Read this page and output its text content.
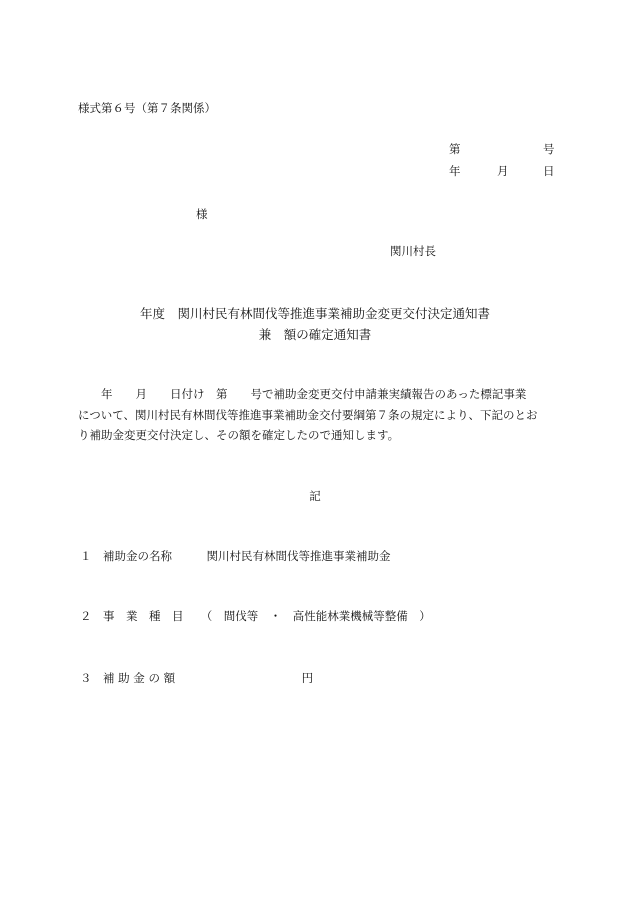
様式第６号（第７条関係）
第	号
年	月	日
様
関川村長
年度　関川村民有林間伐等推進事業補助金変更交付決定通知書
兼　額の確定通知書
　　年　　月　　日付け　第　　号で補助金変更交付申請兼実績報告のあった標記事業
について、関川村民有林間伐等推進事業補助金交付要綱第７条の規定により、下記のとお
り補助金変更交付決定し、その額を確定したので通知します。
記
１　補助金の名称　　　関川村民有林間伐等推進事業補助金
２　事　業　種　目　　（　間伐等　・　高性能林業機械等整備　）
３　補 助 金 の 額　　　　　　　　　　　円
